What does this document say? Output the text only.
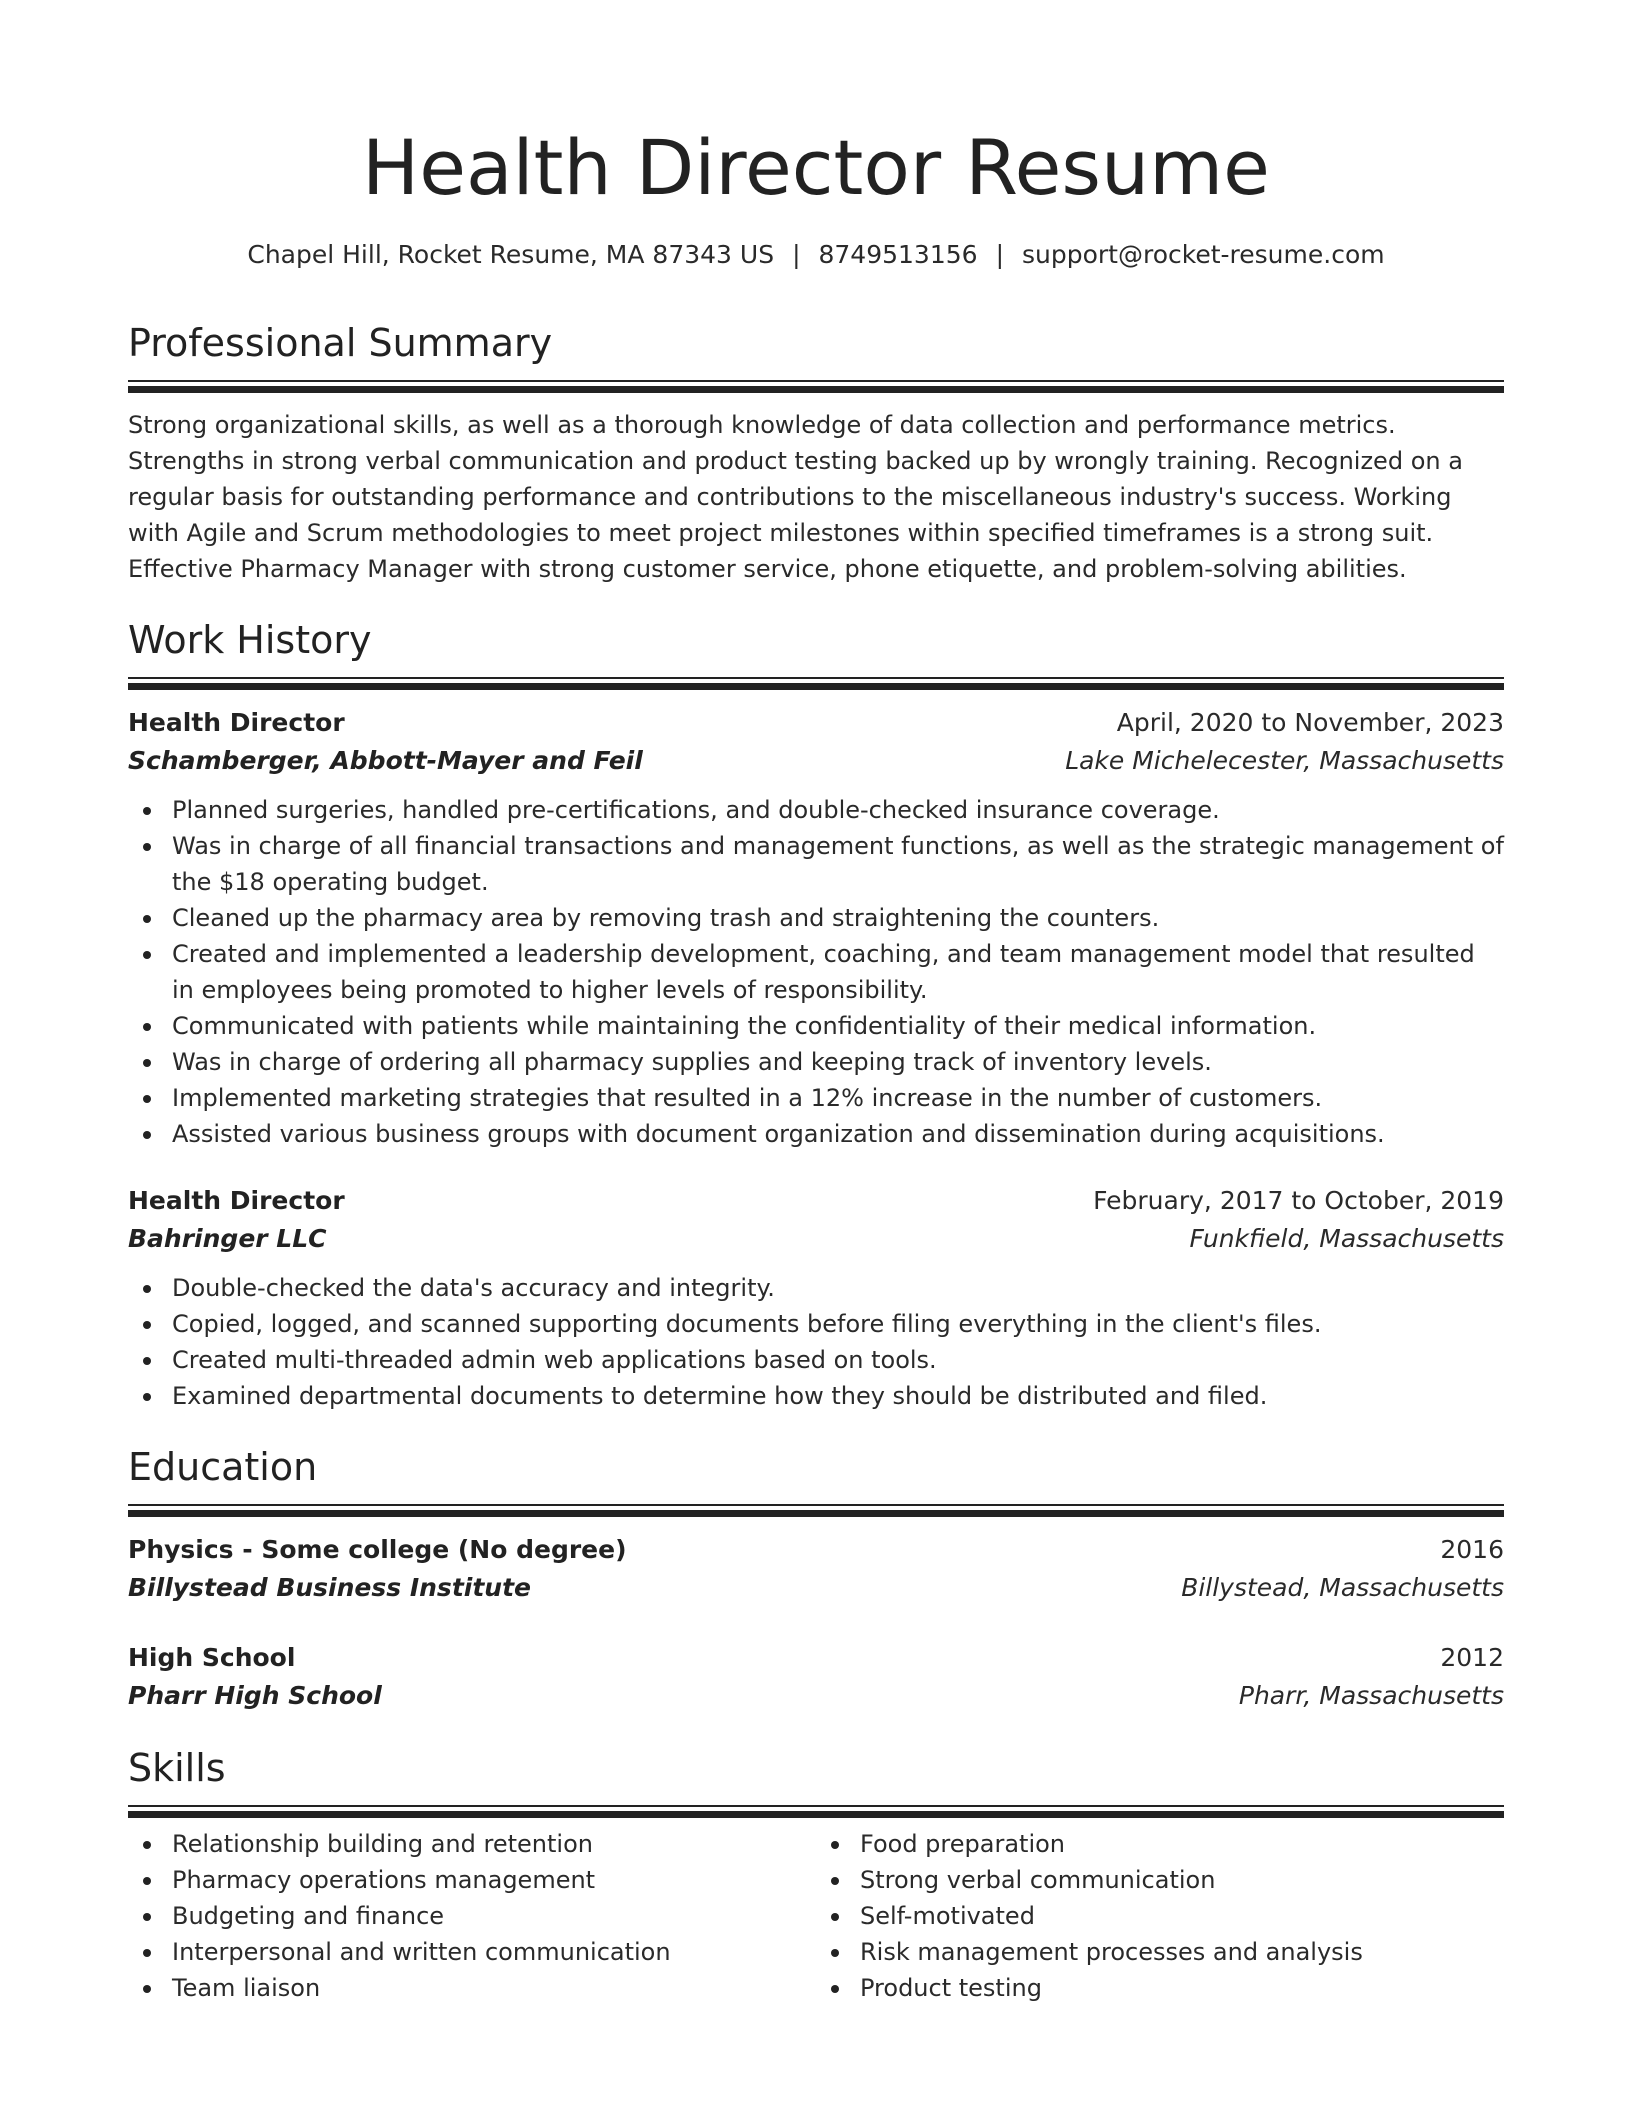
Health Director Resume
Chapel Hill, Rocket Resume, MA 87343 US | 8749513156 | support@rocket-resume.com
Professional Summary

Strong organizational skills, as well as a thorough knowledge of data collection and performance metrics. Strengths in strong verbal communication and product testing backed up by wrongly training. Recognized on a regular basis for outstanding performance and contributions to the miscellaneous industry's success. Working with Agile and Scrum methodologies to meet project milestones within specified timeframes is a strong suit. Effective Pharmacy Manager with strong customer service, phone etiquette, and problem-solving abilities.

Work History
Health Director	April, 2020 to November, 2023
Schamberger, Abbott-Mayer and Feil	Lake Michelecester, Massachusetts
Planned surgeries, handled pre-certifications, and double-checked insurance coverage.
Was in charge of all financial transactions and management functions, as well as the strategic management of the $18 operating budget.
Cleaned up the pharmacy area by removing trash and straightening the counters.
Created and implemented a leadership development, coaching, and team management model that resulted in employees being promoted to higher levels of responsibility.
Communicated with patients while maintaining the confidentiality of their medical information.
Was in charge of ordering all pharmacy supplies and keeping track of inventory levels.
Implemented marketing strategies that resulted in a 12% increase in the number of customers.
Assisted various business groups with document organization and dissemination during acquisitions.
Health Director	February, 2017 to October, 2019
Bahringer LLC	Funkfield, Massachusetts
Double-checked the data's accuracy and integrity.
Copied, logged, and scanned supporting documents before filing everything in the client's files.
Created multi-threaded admin web applications based on tools.
Examined departmental documents to determine how they should be distributed and filed.
Education
Physics - Some college (No degree)	2016
Billystead Business Institute	Billystead, Massachusetts
High School	2012
Pharr High School	Pharr, Massachusetts
Skills
Relationship building and retention
Pharmacy operations management
Budgeting and finance
Interpersonal and written communication
Team liaison
Food preparation
Strong verbal communication
Self-motivated
Risk management processes and analysis
Product testing
